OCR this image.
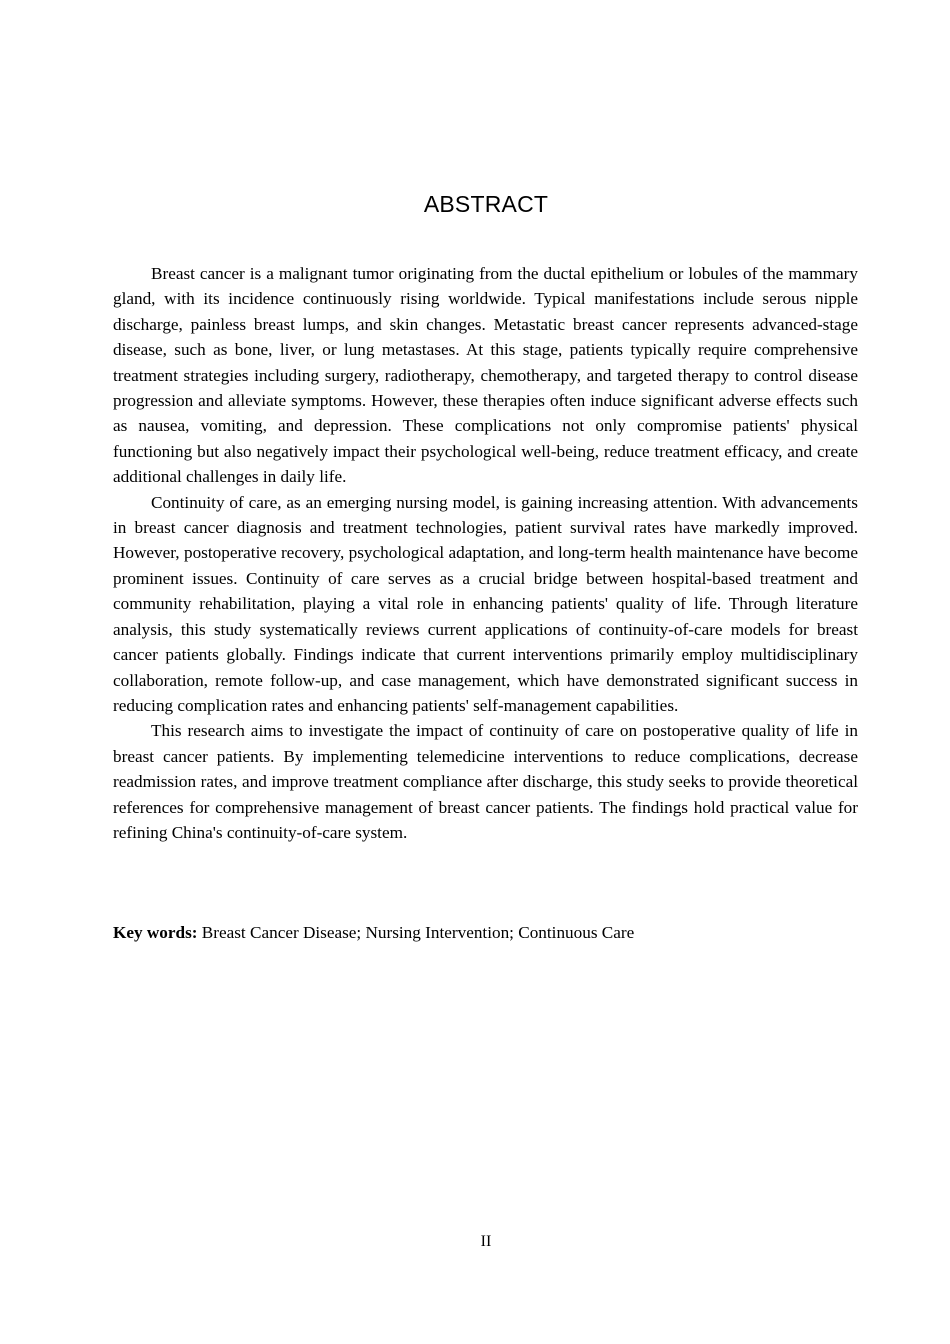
ABSTRACT

Breast cancer is a malignant tumor originating from the ductal epithelium or lobules of the mammary gland, with its incidence continuously rising worldwide. Typical manifestations include serous nipple discharge, painless breast lumps, and skin changes. Metastatic breast cancer represents advanced-stage disease, such as bone, liver, or lung metastases. At this stage, patients typically require comprehensive treatment strategies including surgery, radiotherapy, chemotherapy, and targeted therapy to control disease progression and alleviate symptoms. However, these therapies often induce significant adverse effects such as nausea, vomiting, and depression. These complications not only compromise patients' physical functioning but also negatively impact their psychological well-being, reduce treatment efficacy, and create additional challenges in daily life.

Continuity of care, as an emerging nursing model, is gaining increasing attention. With advancements in breast cancer diagnosis and treatment technologies, patient survival rates have markedly improved. However, postoperative recovery, psychological adaptation, and long-term health maintenance have become prominent issues. Continuity of care serves as a crucial bridge between hospital-based treatment and community rehabilitation, playing a vital role in enhancing patients' quality of life. Through literature analysis, this study systematically reviews current applications of continuity-of-care models for breast cancer patients globally. Findings indicate that current interventions primarily employ multidisciplinary collaboration, remote follow-up, and case management, which have demonstrated significant success in reducing complication rates and enhancing patients' self-management capabilities.

This research aims to investigate the impact of continuity of care on postoperative quality of life in breast cancer patients. By implementing telemedicine interventions to reduce complications, decrease readmission rates, and improve treatment compliance after discharge, this study seeks to provide theoretical references for comprehensive management of breast cancer patients. The findings hold practical value for refining China's continuity-of-care system.

Key words: Breast Cancer Disease; Nursing Intervention; Continuous Care

II
